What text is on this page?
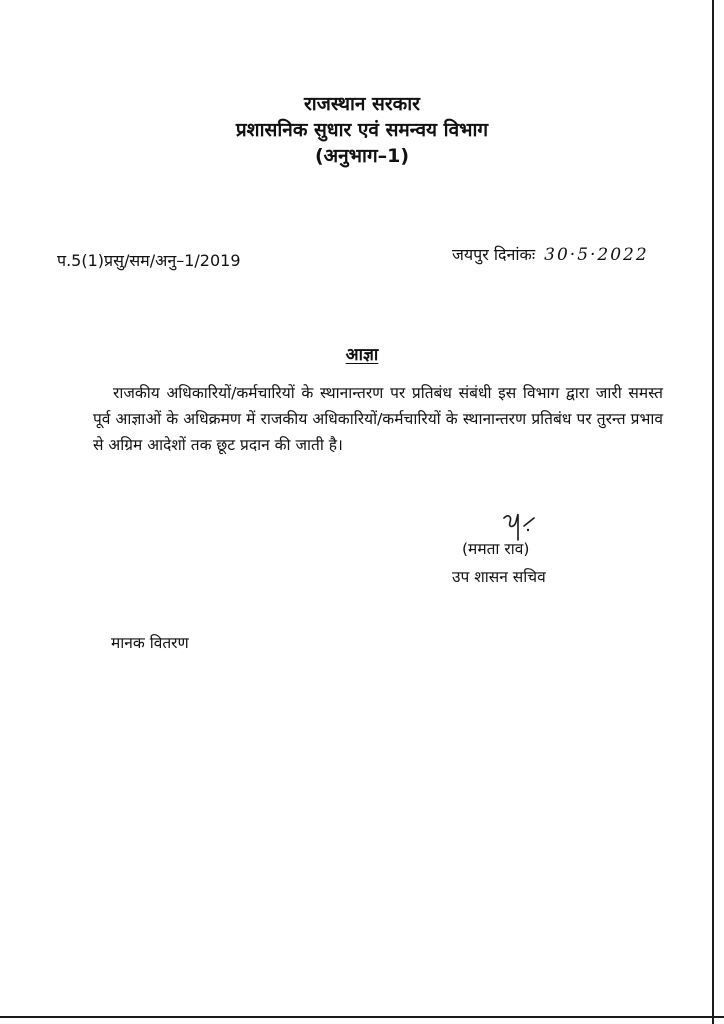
राजस्थान सरकार
प्रशासनिक सुधार एवं समन्वय विभाग
(अनुभाग–1)
प.5(1)प्रसु/सम/अनु–1/2019	जयपुर दिनांकः 30·5·2022
आज्ञा

राजकीय अधिकारियों/कर्मचारियों के स्थानान्तरण पर प्रतिबंध संबंधी इस विभाग द्वारा जारी समस्त पूर्व आज्ञाओं के अधिक्रमण में राजकीय अधिकारियों/कर्मचारियों के स्थानान्तरण प्रतिबंध पर तुरन्त प्रभाव से अग्रिम आदेशों तक छूट प्रदान की जाती है।

(ममता राव)
उप शासन सचिव
मानक वितरण
